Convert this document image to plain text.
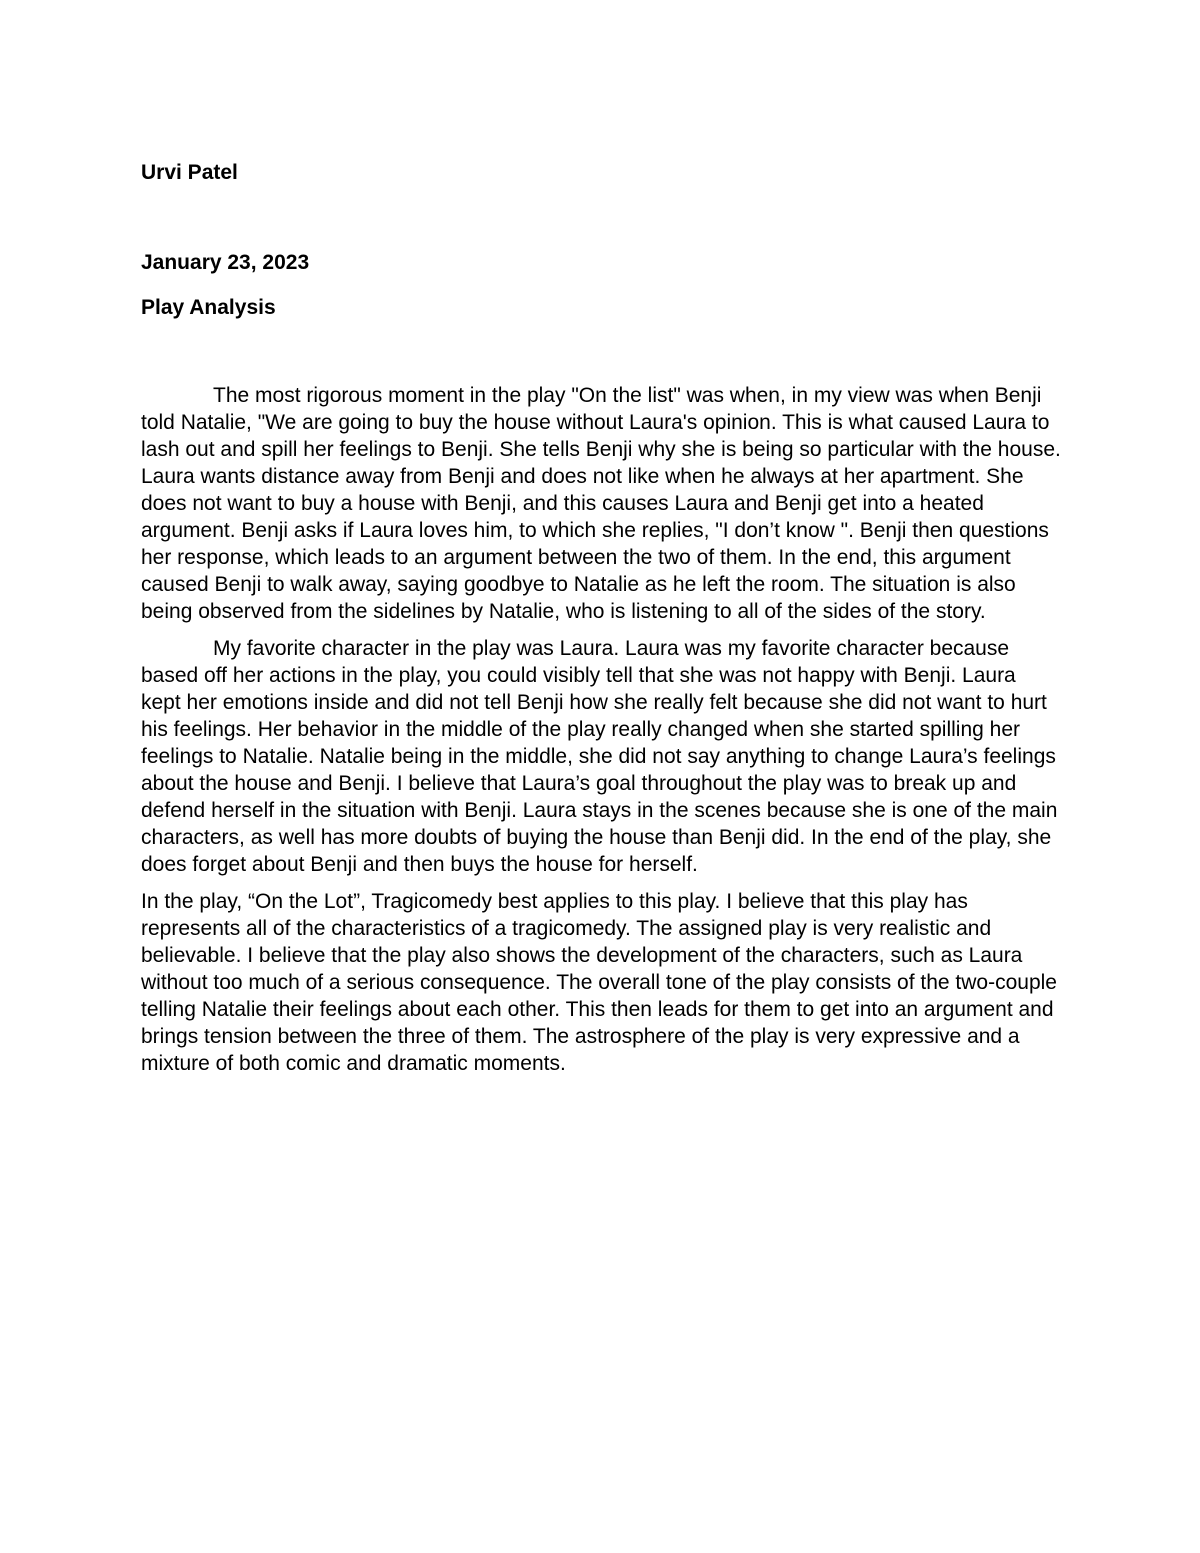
Urvi Patel

January 23, 2023

Play Analysis

The most rigorous moment in the play "On the list" was when, in my view was when Benji told Natalie, "We are going to buy the house without Laura's opinion. This is what caused Laura to lash out and spill her feelings to Benji. She tells Benji why she is being so particular with the house. Laura wants distance away from Benji and does not like when he always at her apartment. She does not want to buy a house with Benji, and this causes Laura and Benji get into a heated argument. Benji asks if Laura loves him, to which she replies, "I don’t know ". Benji then questions her response, which leads to an argument between the two of them. In the end, this argument caused Benji to walk away, saying goodbye to Natalie as he left the room. The situation is also being observed from the sidelines by Natalie, who is listening to all of the sides of the story.

My favorite character in the play was Laura. Laura was my favorite character because based off her actions in the play, you could visibly tell that she was not happy with Benji. Laura kept her emotions inside and did not tell Benji how she really felt because she did not want to hurt his feelings. Her behavior in the middle of the play really changed when she started spilling her feelings to Natalie. Natalie being in the middle, she did not say anything to change Laura’s feelings about the house and Benji. I believe that Laura’s goal throughout the play was to break up and defend herself in the situation with Benji. Laura stays in the scenes because she is one of the main characters, as well has more doubts of buying the house than Benji did. In the end of the play, she does forget about Benji and then buys the house for herself.

In the play, “On the Lot”, Tragicomedy best applies to this play. I believe that this play has represents all of the characteristics of a tragicomedy. The assigned play is very realistic and believable. I believe that the play also shows the development of the characters, such as Laura without too much of a serious consequence. The overall tone of the play consists of the two-couple telling Natalie their feelings about each other. This then leads for them to get into an argument and brings tension between the three of them. The astrosphere of the play is very expressive and a mixture of both comic and dramatic moments.
